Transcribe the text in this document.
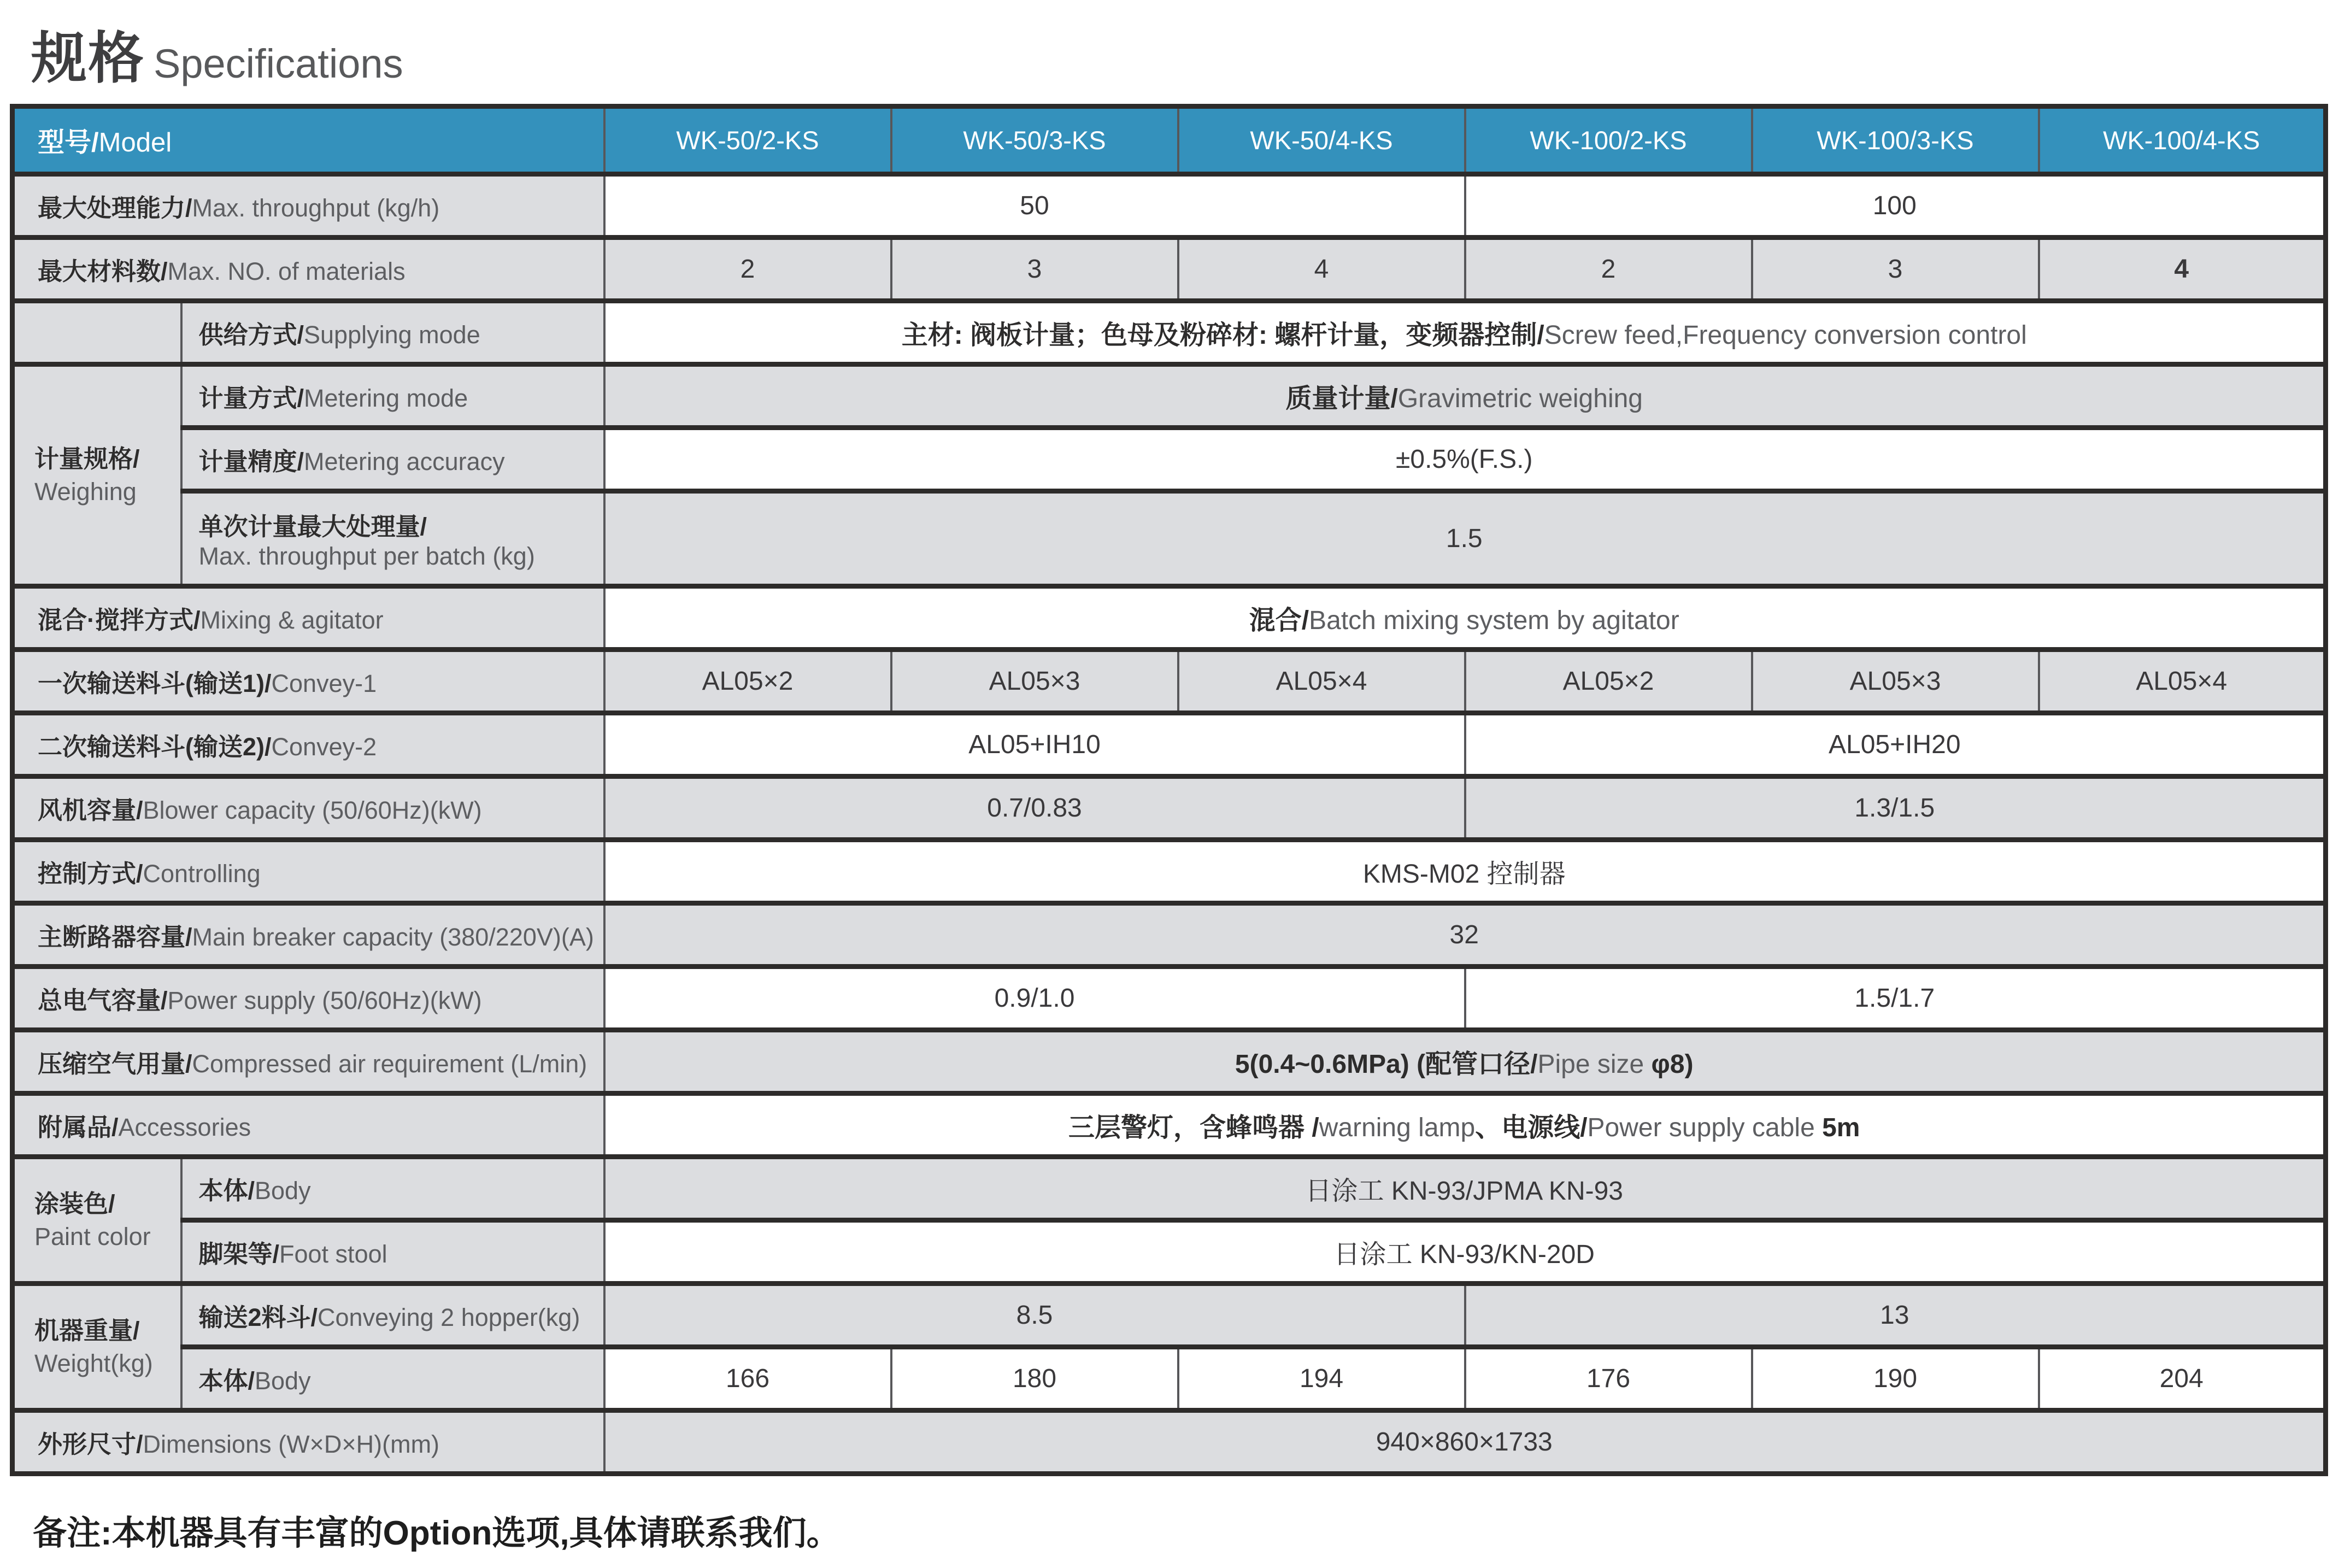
规格 Specifications
型号/Model		WK-50/2-KS	WK-50/3-KS	WK-50/4-KS	WK-100/2-KS	WK-100/3-KS	WK-100/4-KS
最大处理能力/Max. throughput (kg/h)		50			100		
最大材料数/Max. NO. of materials		2	3	4	2	3	4
	供给方式/Supplying mode	主材: 阀板计量；色母及粉碎材: 螺杆计量，变频器控制/Screw feed,Frequency conversion control					

计量规格/
Weighing	计量方式/Metering mode	质量计量/Gravimetric weighing					
	计量精度/Metering accuracy	±0.5%(F.S.)					

	单次计量最大处理量/
Max. throughput per batch (kg)	1.5					
混合·搅拌方式/Mixing & agitator		混合/Batch mixing system by agitator					
一次输送料斗(输送1)/Convey-1		AL05×2	AL05×3	AL05×4	AL05×2	AL05×3	AL05×4
二次输送料斗(输送2)/Convey-2		AL05+IH10			AL05+IH20		
风机容量/Blower capacity (50/60Hz)(kW)		0.7/0.83			1.3/1.5		
控制方式/Controlling		KMS-M02 控制器					
主断路器容量/Main breaker capacity (380/220V)(A)		32					
总电气容量/Power supply (50/60Hz)(kW)		0.9/1.0			1.5/1.7		
压缩空气用量/Compressed air requirement (L/min)		5(0.4~0.6MPa) (配管口径/Pipe size φ8)					
附属品/Accessories		三层警灯，含蜂鸣器 /warning lamp、电源线/Power supply cable 5m					

涂装色/
Paint color	本体/Body	日涂工 KN-93/JPMA KN-93					
	脚架等/Foot stool	日涂工 KN-93/KN-20D					

机器重量/
Weight(kg)	输送2料斗/Conveying 2 hopper(kg)	8.5			13		
	本体/Body	166	180	194	176	190	204
外形尺寸/Dimensions (W×D×H)(mm)		940×860×1733					
备注:本机器具有丰富的Option选项,具体请联系我们。
